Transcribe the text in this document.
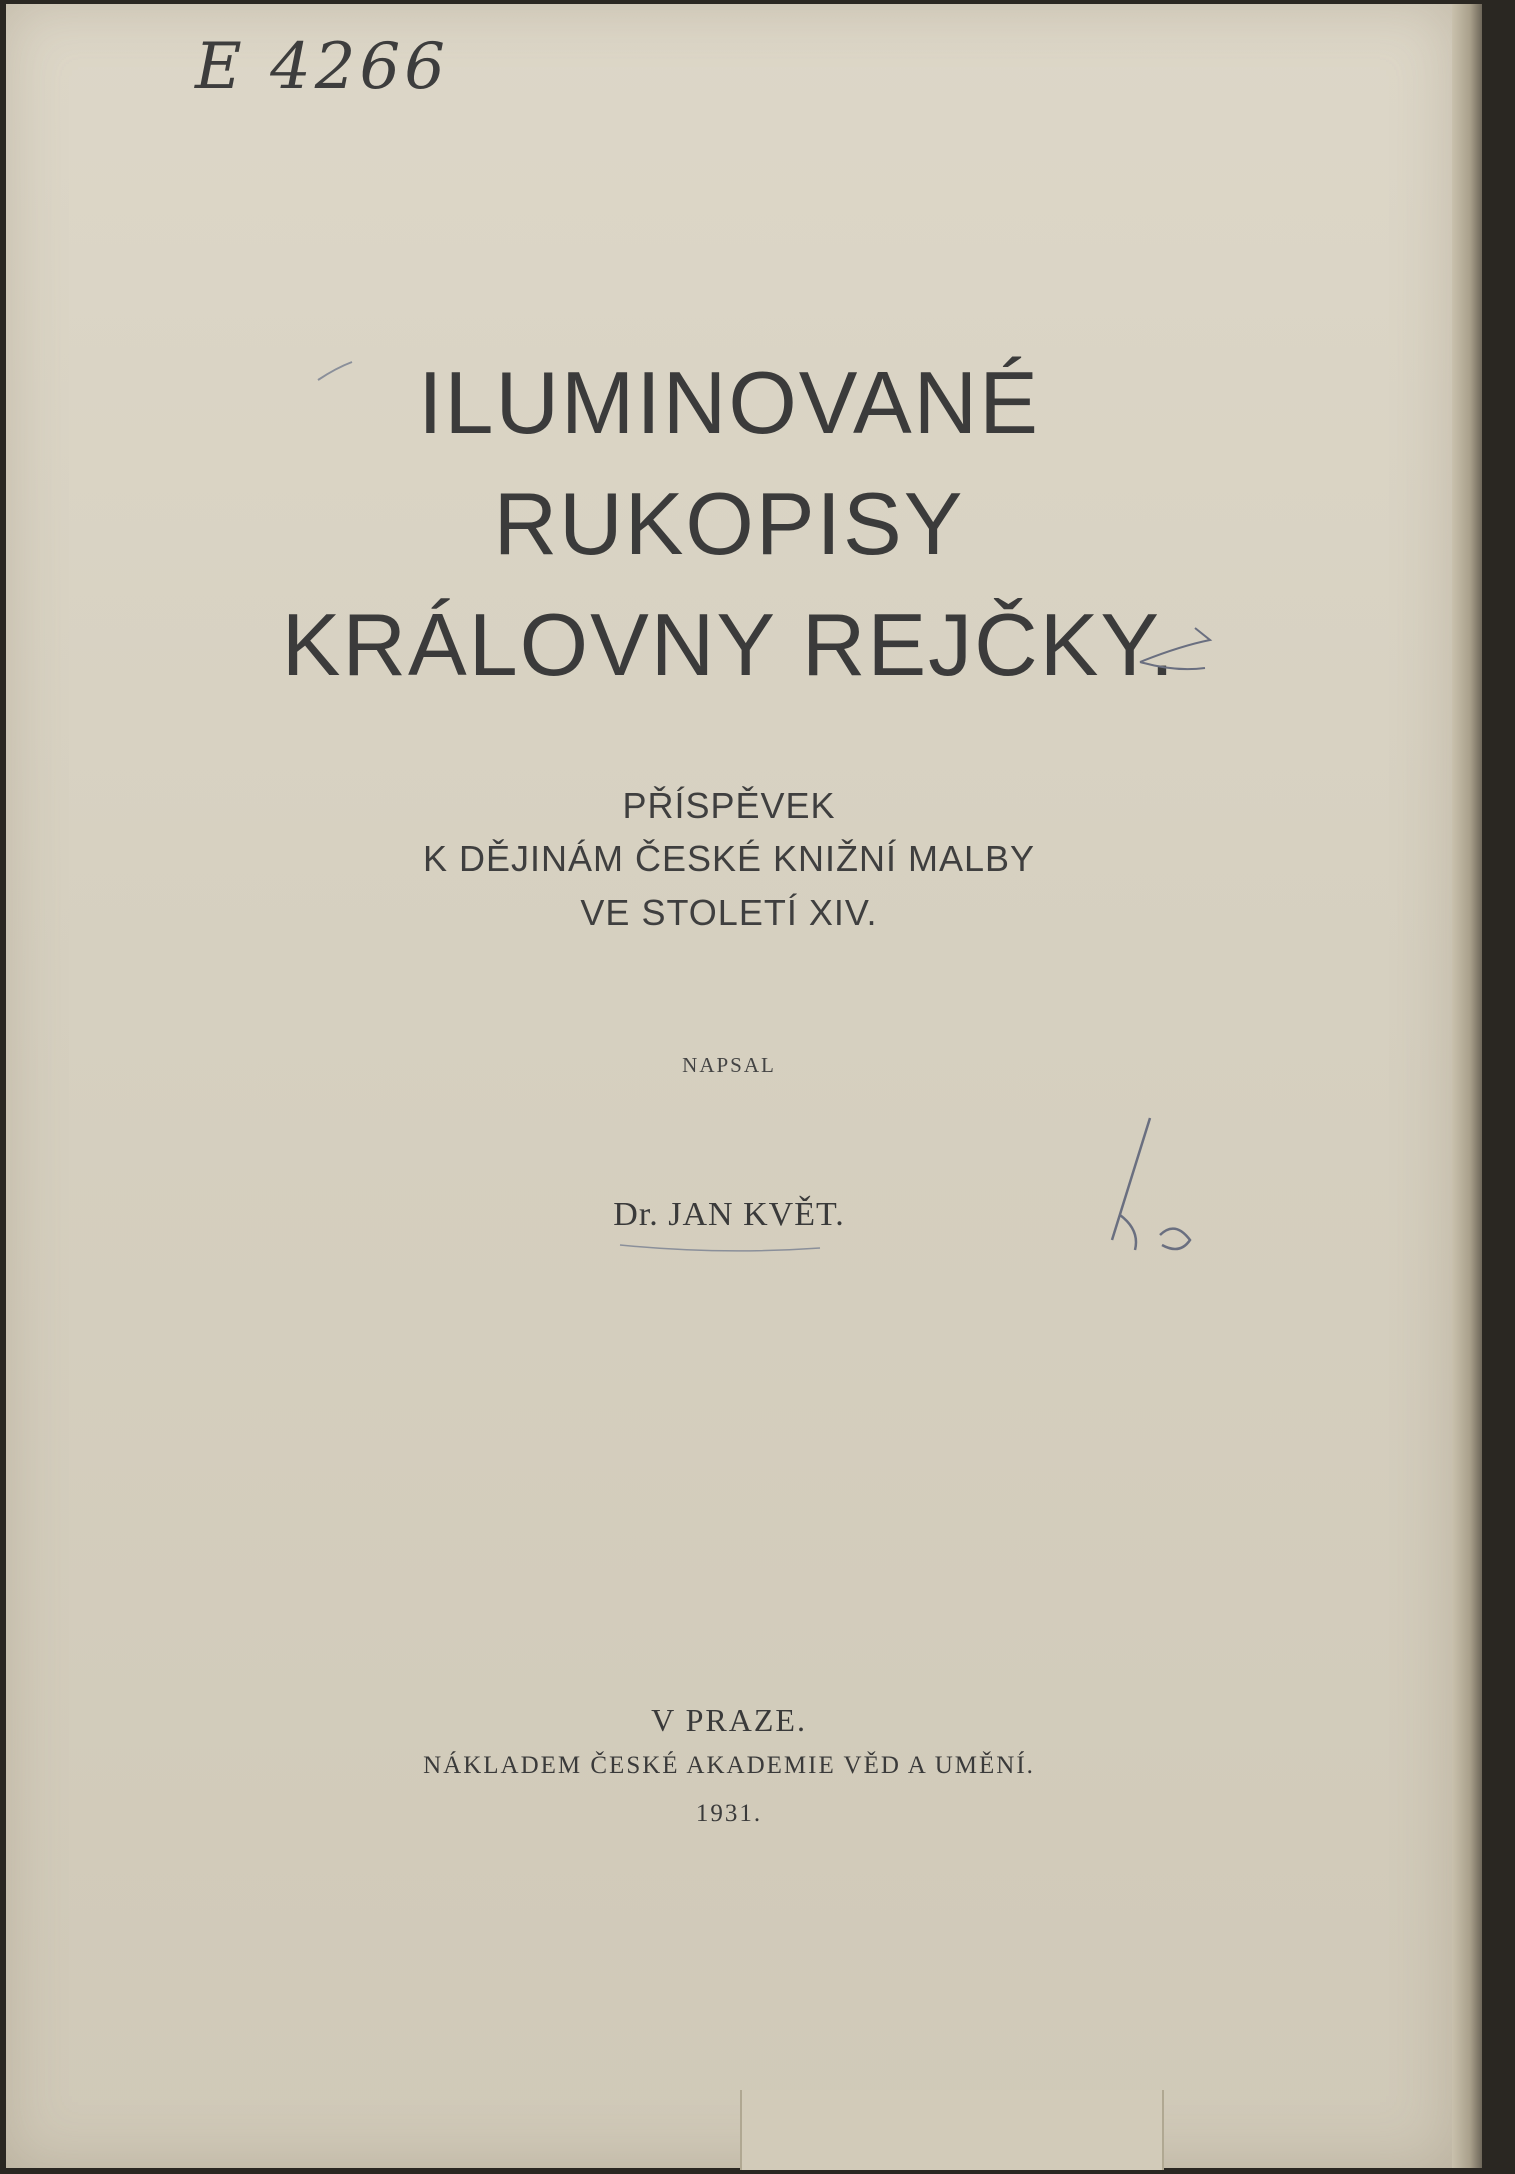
E 4266
ILUMINOVANÉ
RUKOPISY
KRÁLOVNY REJČKY.
PŘÍSPĚVEK
K DĚJINÁM ČESKÉ KNIŽNÍ MALBY
VE STOLETÍ XIV.
NAPSAL
Dr. JAN KVĚT.
V PRAZE.
NÁKLADEM ČESKÉ AKADEMIE VĚD A UMĚNÍ.
1931.
